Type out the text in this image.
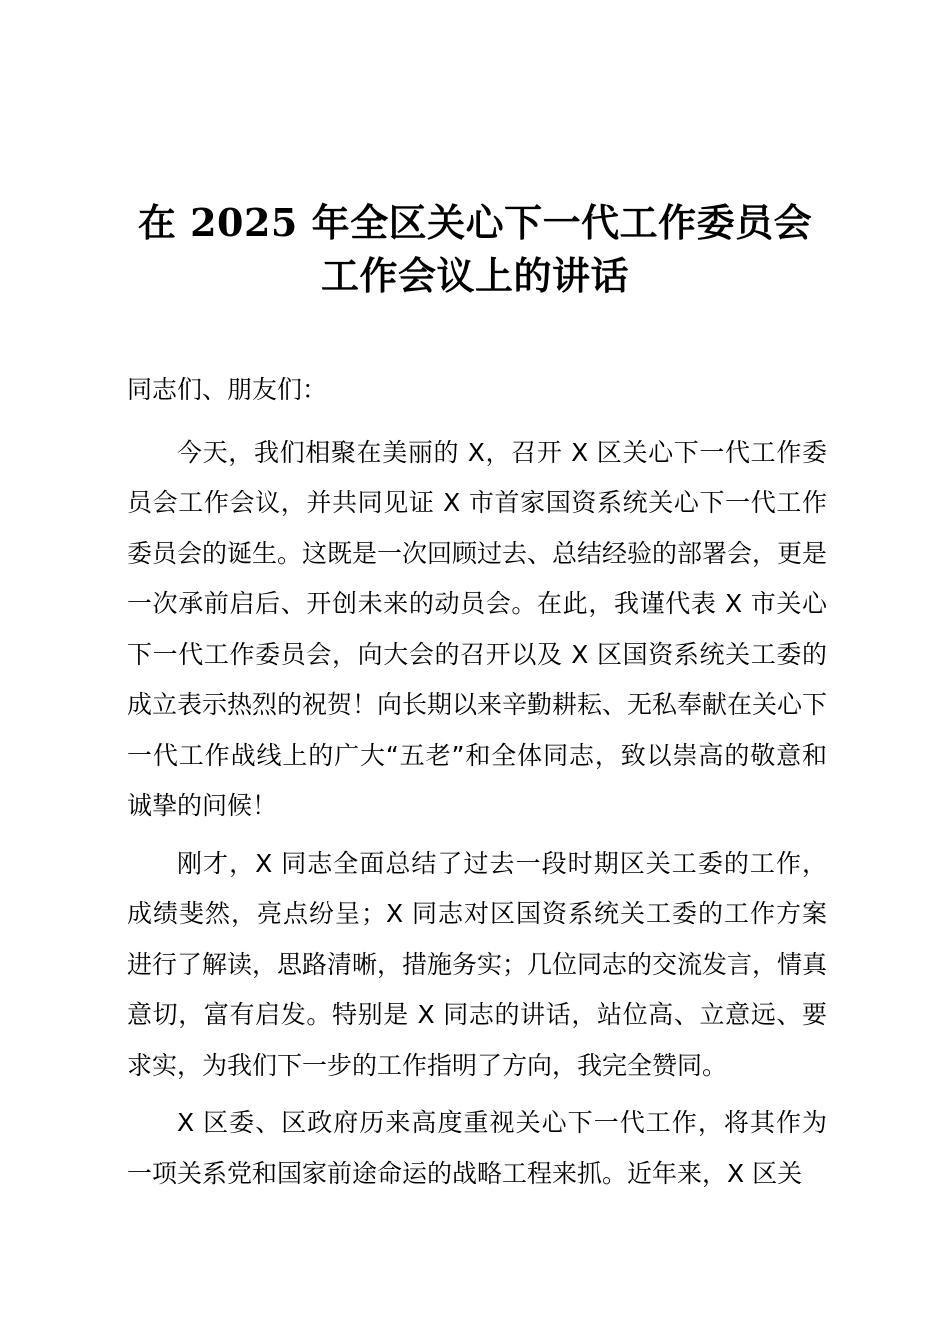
在 2025 年全区关心下一代工作委员会工作会议上的讲话

同志们、朋友们：

今天，我们相聚在美丽的 X，召开 X 区关心下一代工作委员会工作会议，并共同见证 X 市首家国资系统关心下一代工作委员会的诞生。这既是一次回顾过去、总结经验的部署会，更是一次承前启后、开创未来的动员会。在此，我谨代表 X 市关心下一代工作委员会，向大会的召开以及 X 区国资系统关工委的成立表示热烈的祝贺！向长期以来辛勤耕耘、无私奉献在关心下一代工作战线上的广大“五老”和全体同志，致以崇高的敬意和诚挚的问候！

刚才，X 同志全面总结了过去一段时期区关工委的工作，成绩斐然，亮点纷呈；X 同志对区国资系统关工委的工作方案进行了解读，思路清晰，措施务实；几位同志的交流发言，情真意切，富有启发。特别是 X 同志的讲话，站位高、立意远、要求实，为我们下一步的工作指明了方向，我完全赞同。

X 区委、区政府历来高度重视关心下一代工作，将其作为一项关系党和国家前途命运的战略工程来抓。近年来，X 区关
